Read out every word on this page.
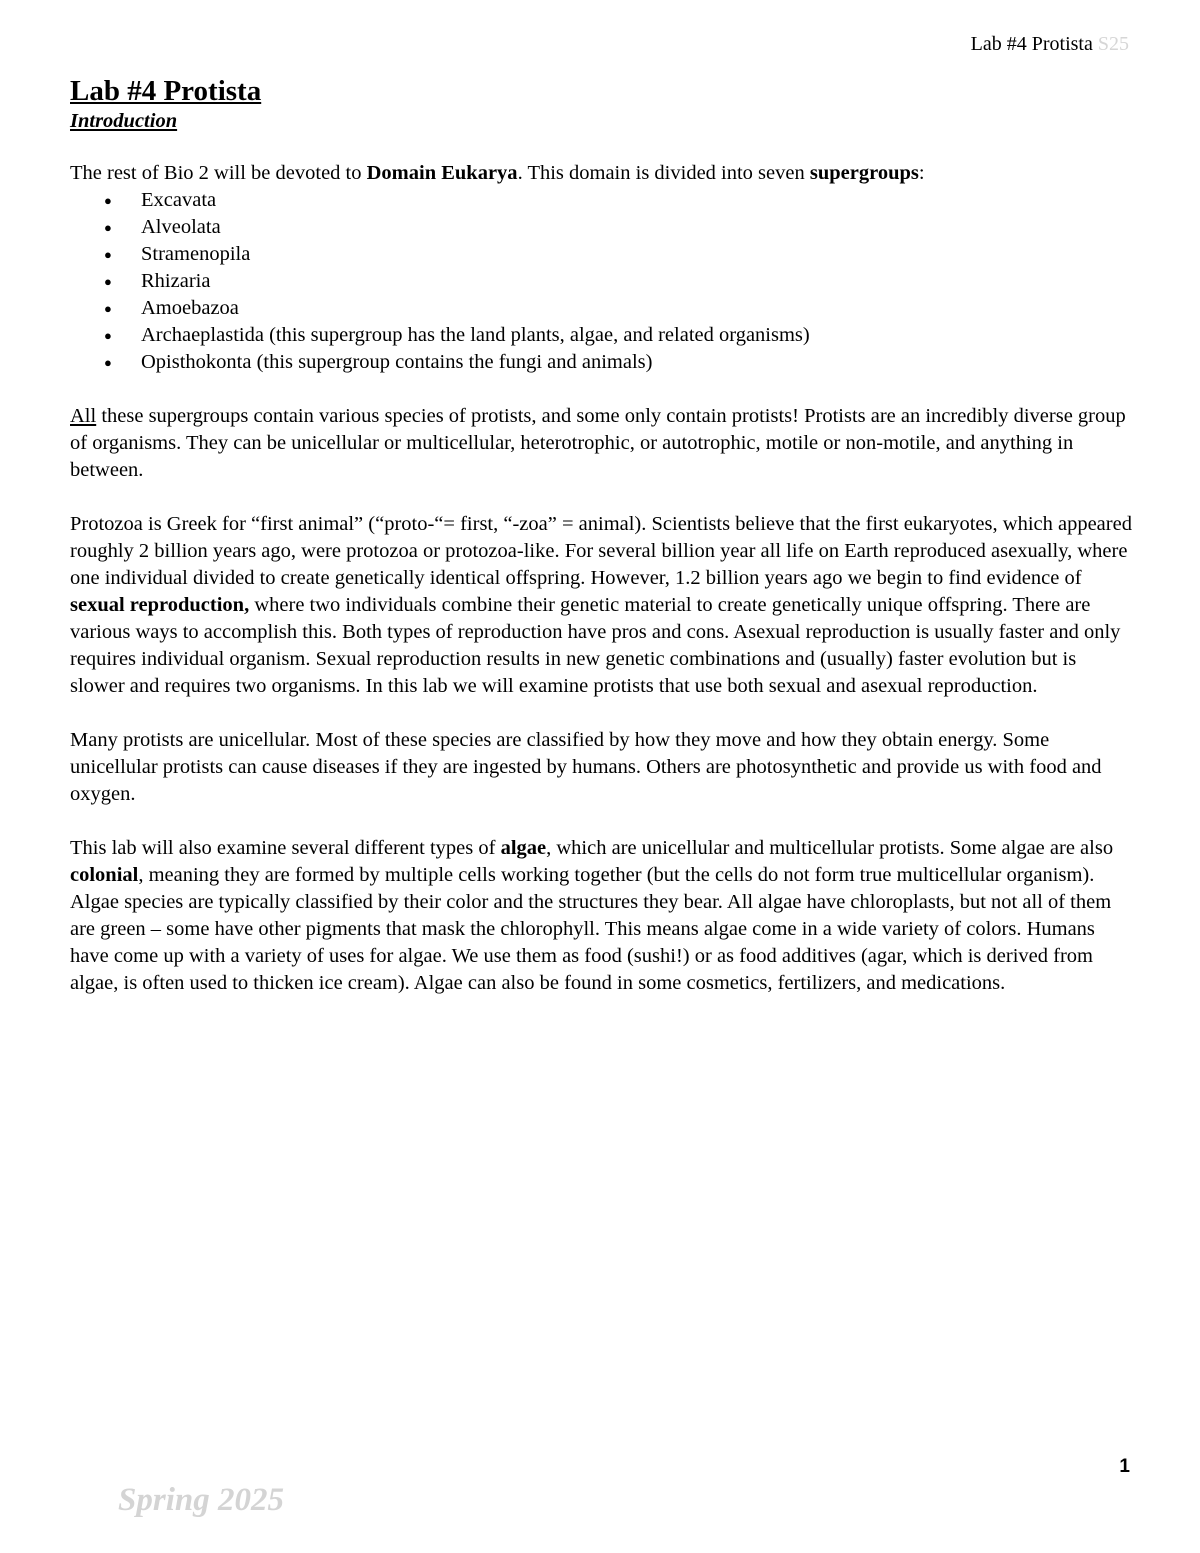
Lab #4 Protista S25
Lab #4 Protista
Introduction

The rest of Bio 2 will be devoted to Domain Eukarya. This domain is divided into seven supergroups:

● Excavata
● Alveolata
● Stramenopila
● Rhizaria
● Amoebazoa
● Archaeplastida (this supergroup has the land plants, algae, and related organisms)
● Opisthokonta (this supergroup contains the fungi and animals)

All these supergroups contain various species of protists, and some only contain protists! Protists are an incredibly diverse group of organisms. They can be unicellular or multicellular, heterotrophic, or autotrophic, motile or non-motile, and anything in between.

Protozoa is Greek for “first animal” (“proto-“= first, “-zoa” = animal). Scientists believe that the first eukaryotes, which appeared roughly 2 billion years ago, were protozoa or protozoa-like. For several billion year all life on Earth reproduced asexually, where one individual divided to create genetically identical offspring. However, 1.2 billion years ago we begin to find evidence of sexual reproduction, where two individuals combine their genetic material to create genetically unique offspring. There are various ways to accomplish this. Both types of reproduction have pros and cons. Asexual reproduction is usually faster and only requires individual organism. Sexual reproduction results in new genetic combinations and (usually) faster evolution but is slower and requires two organisms. In this lab we will examine protists that use both sexual and asexual reproduction.

Many protists are unicellular. Most of these species are classified by how they move and how they obtain energy. Some unicellular protists can cause diseases if they are ingested by humans. Others are photosynthetic and provide us with food and oxygen.

This lab will also examine several different types of algae, which are unicellular and multicellular protists. Some algae are also colonial, meaning they are formed by multiple cells working together (but the cells do not form true multicellular organism). Algae species are typically classified by their color and the structures they bear. All algae have chloroplasts, but not all of them are green – some have other pigments that mask the chlorophyll. This means algae come in a wide variety of colors. Humans have come up with a variety of uses for algae. We use them as food (sushi!) or as food additives (agar, which is derived from algae, is often used to thicken ice cream). Algae can also be found in some cosmetics, fertilizers, and medications.

1
Spring 2025
